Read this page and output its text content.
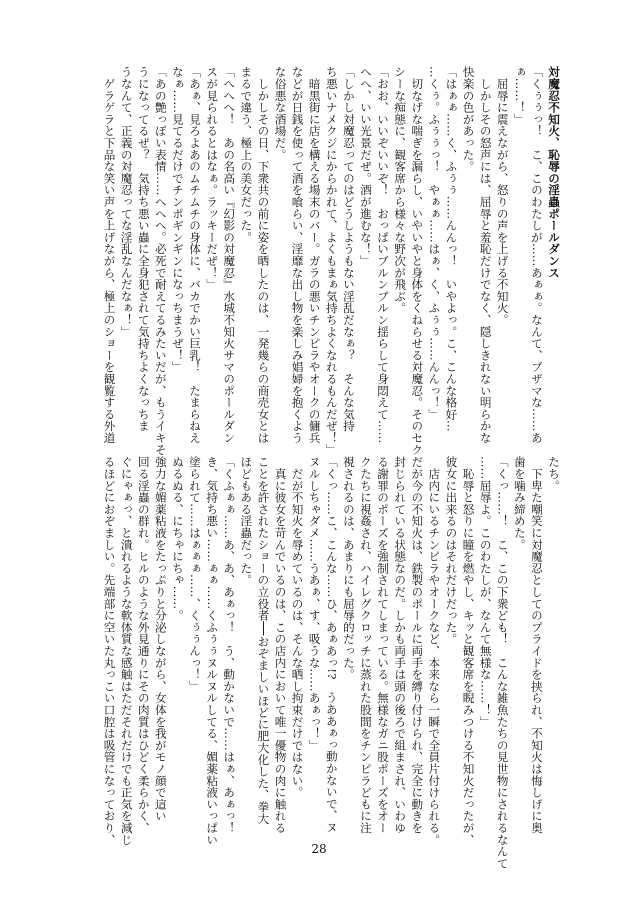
対魔忍不知火、恥辱の淫蟲ポールダンス
「くぅぅっ！　こ、このわたしが……あぁぁ。なんて、ブザマな……あ
ぁ……！」
　屈辱に震えながら、怒りの声を上げる不知火。
　しかしその怒声には、屈辱と羞恥だけでなく、隠しきれない明らかな
快楽の色があった。
「はぁぁ……く、ふぅぅ……んんっ！　いやよっ。こ、こんな格好…
…くぅ。ふぅぅっ！　やぁぁ……はぁ、く、ふぅぅ……んんっ！」
　切なげな喘ぎを漏らし、いやいやと身体をくねらせる対魔忍。そのセク
シーな痴態に、観客席から様々な野次が飛ぶ。
「おお、いいぞいいぞ！　おっぱいブルンブルン揺らして身悶えて……
へへ、いい光景だぜ。酒が進むな！」
「しかし対魔忍ってのはどうしようもない淫乱だなぁ？　そんな気持
ち悪いナメクジにからかれて、よくもまぁ気持ちよくなれるもんだぜ！」
　暗黒街に店を構える場末のバー。ガラの悪いチンピラやオークの傭兵
などが日銭を使って酒を喰らい、淫靡な出し物を楽しみ娼婦を抱くよう
な俗悪な酒場だ。
　しかしその日、下衆共の前に姿を晒したのは、一発幾らの商売女とは
まるで違う、極上の美女だった。
「へへへ！　あの名高い『幻影の対魔忍』水城不知火サマのポールダン
スが見られるとはなぁ。ラッキーだぜ！」
「あぁ、見ろよあのムチムチの身体に、バカでかい巨乳！　たまらねえ
なぁ……見てるだけでチンポギンギンになっちまうぜ！」
「あの艶っぽい表情……へへへ。必死で耐えてるみたいだが、もうイキそ
うになってるぜ？　気持ち悪い蟲に全身犯されて気持ちよくなっちま
うなんて、正義の対魔忍ってな淫乱なんだなぁ！」
　ゲラゲラと下品な笑い声を上げながら、極上のショーを観覧する外道
たち。
　下卑た嘲笑に対魔忍としてのプライドを挟られ、不知火は悔しげに奥
歯を噛み締めた。
「くっ……！　こ、この下衆ども！　こんな雑魚たちの見世物にされるなんて
……屈辱よ。このわたしが、なんて無様な……！」
　恥辱と怒りに瞳を燃やし、キッと観客席を睨みつける不知火だったが、
彼女に出来るのはそれだけだった。
　店内にいるチンピラやオークなど、本来なら一瞬で全員片付けられる。
だが今の不知火は、鉄製のポールに両手を縛り付けられ、完全に動きを
封じられている状態なのだ。しかも両手は頭の後ろで組まされ、いわゆ
る謝罪のポーズを強制されてしまっている。無様なガニ股ポーズをオー
クたちに視姦され、ハイレグクロッチに蒸れた股間をチンピラどもに注
視されるのは、あまりにも屈辱的だった。
「くっ……こ、こんな……ひ、あぁあっ!?　うああぁっ動かないで、ヌ
ヌルしちゃダメ……うあぁ、す、吸うな……あぁっ！」
　だが不知火を辱めているのは、そんな晒し拘束だけではない。
　真に彼女を苛んでいるのは、この店内において唯一優物の肉に触れる
ことを許されたショーの立役者──おぞましいほどに肥大化した、拳大
ほどもある淫蟲だった。
「くふぁぁ……あ、あ、あぁっ！　う、動かないで……はぁ、あぁっ！
き、気持ち悪い……ぁぁ……くふぅぅヌルヌルしてる、媚薬粘液いっぱい
塗られて……はぁぁぁ……、くぅぅんっ！」
ぬるぬる、にちゃにちゃ……。
強力な媚薬粘液をたっぷりと分泌しながら、女体を我がモノ顔で這い
回る淫蟲の群れ。ヒルのような外見通りにその肉質はひどく柔らかく、
ぐにゃぁっ、と潰れるような軟体質な感触はただそれだけでも正気を減じ
るほどにおぞましい。先端部に空いた丸っこい口腔は吸管になっており、
28
